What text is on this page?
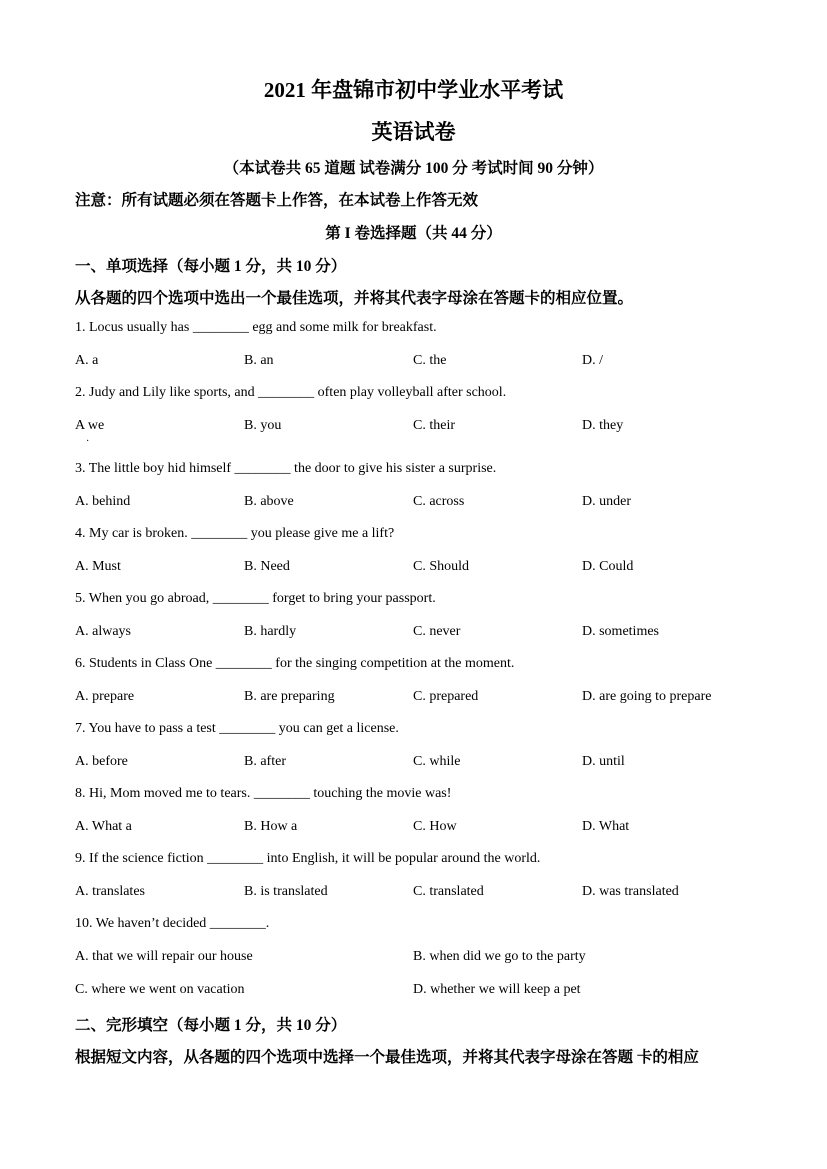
2021 年盘锦市初中学业水平考试
英语试卷
（本试卷共 65 道题 试卷满分 100 分 考试时间 90 分钟）
注意：所有试题必须在答题卡上作答，在本试卷上作答无效
第 I 卷选择题（共 44 分）
一、单项选择（每小题 1 分，共 10 分）
从各题的四个选项中选出一个最佳选项，并将其代表字母涂在答题卡的相应位置。
1. Locus usually has ________ egg and some milk for breakfast.
A. a	B. an	C. the	D. /
2. Judy and Lily like sports, and ________ often play volleyball after school.
A we	B. you	C. their	D. they
·
3. The little boy hid himself ________ the door to give his sister a surprise.
A. behind	B. above	C. across	D. under
4. My car is broken. ________ you please give me a lift?
A. Must	B. Need	C. Should	D. Could
5. When you go abroad, ________ forget to bring your passport.
A. always	B. hardly	C. never	D. sometimes
6. Students in Class One ________ for the singing competition at the moment.
A. prepare	B. are preparing	C. prepared	D. are going to prepare
7. You have to pass a test ________ you can get a license.
A. before	B. after	C. while	D. until
8. Hi, Mom moved me to tears. ________ touching the movie was!
A. What a	B. How a	C. How	D. What
9. If the science fiction ________ into English, it will be popular around the world.
A. translates	B. is translated	C. translated	D. was translated
10. We haven’t decided ________.
A. that we will repair our house	B. when did we go to the party
C. where we went on vacation	D. whether we will keep a pet
二、完形填空（每小题 1 分，共 10 分）
根据短文内容，从各题的四个选项中选择一个最佳选项，并将其代表字母涂在答题 卡的相应
